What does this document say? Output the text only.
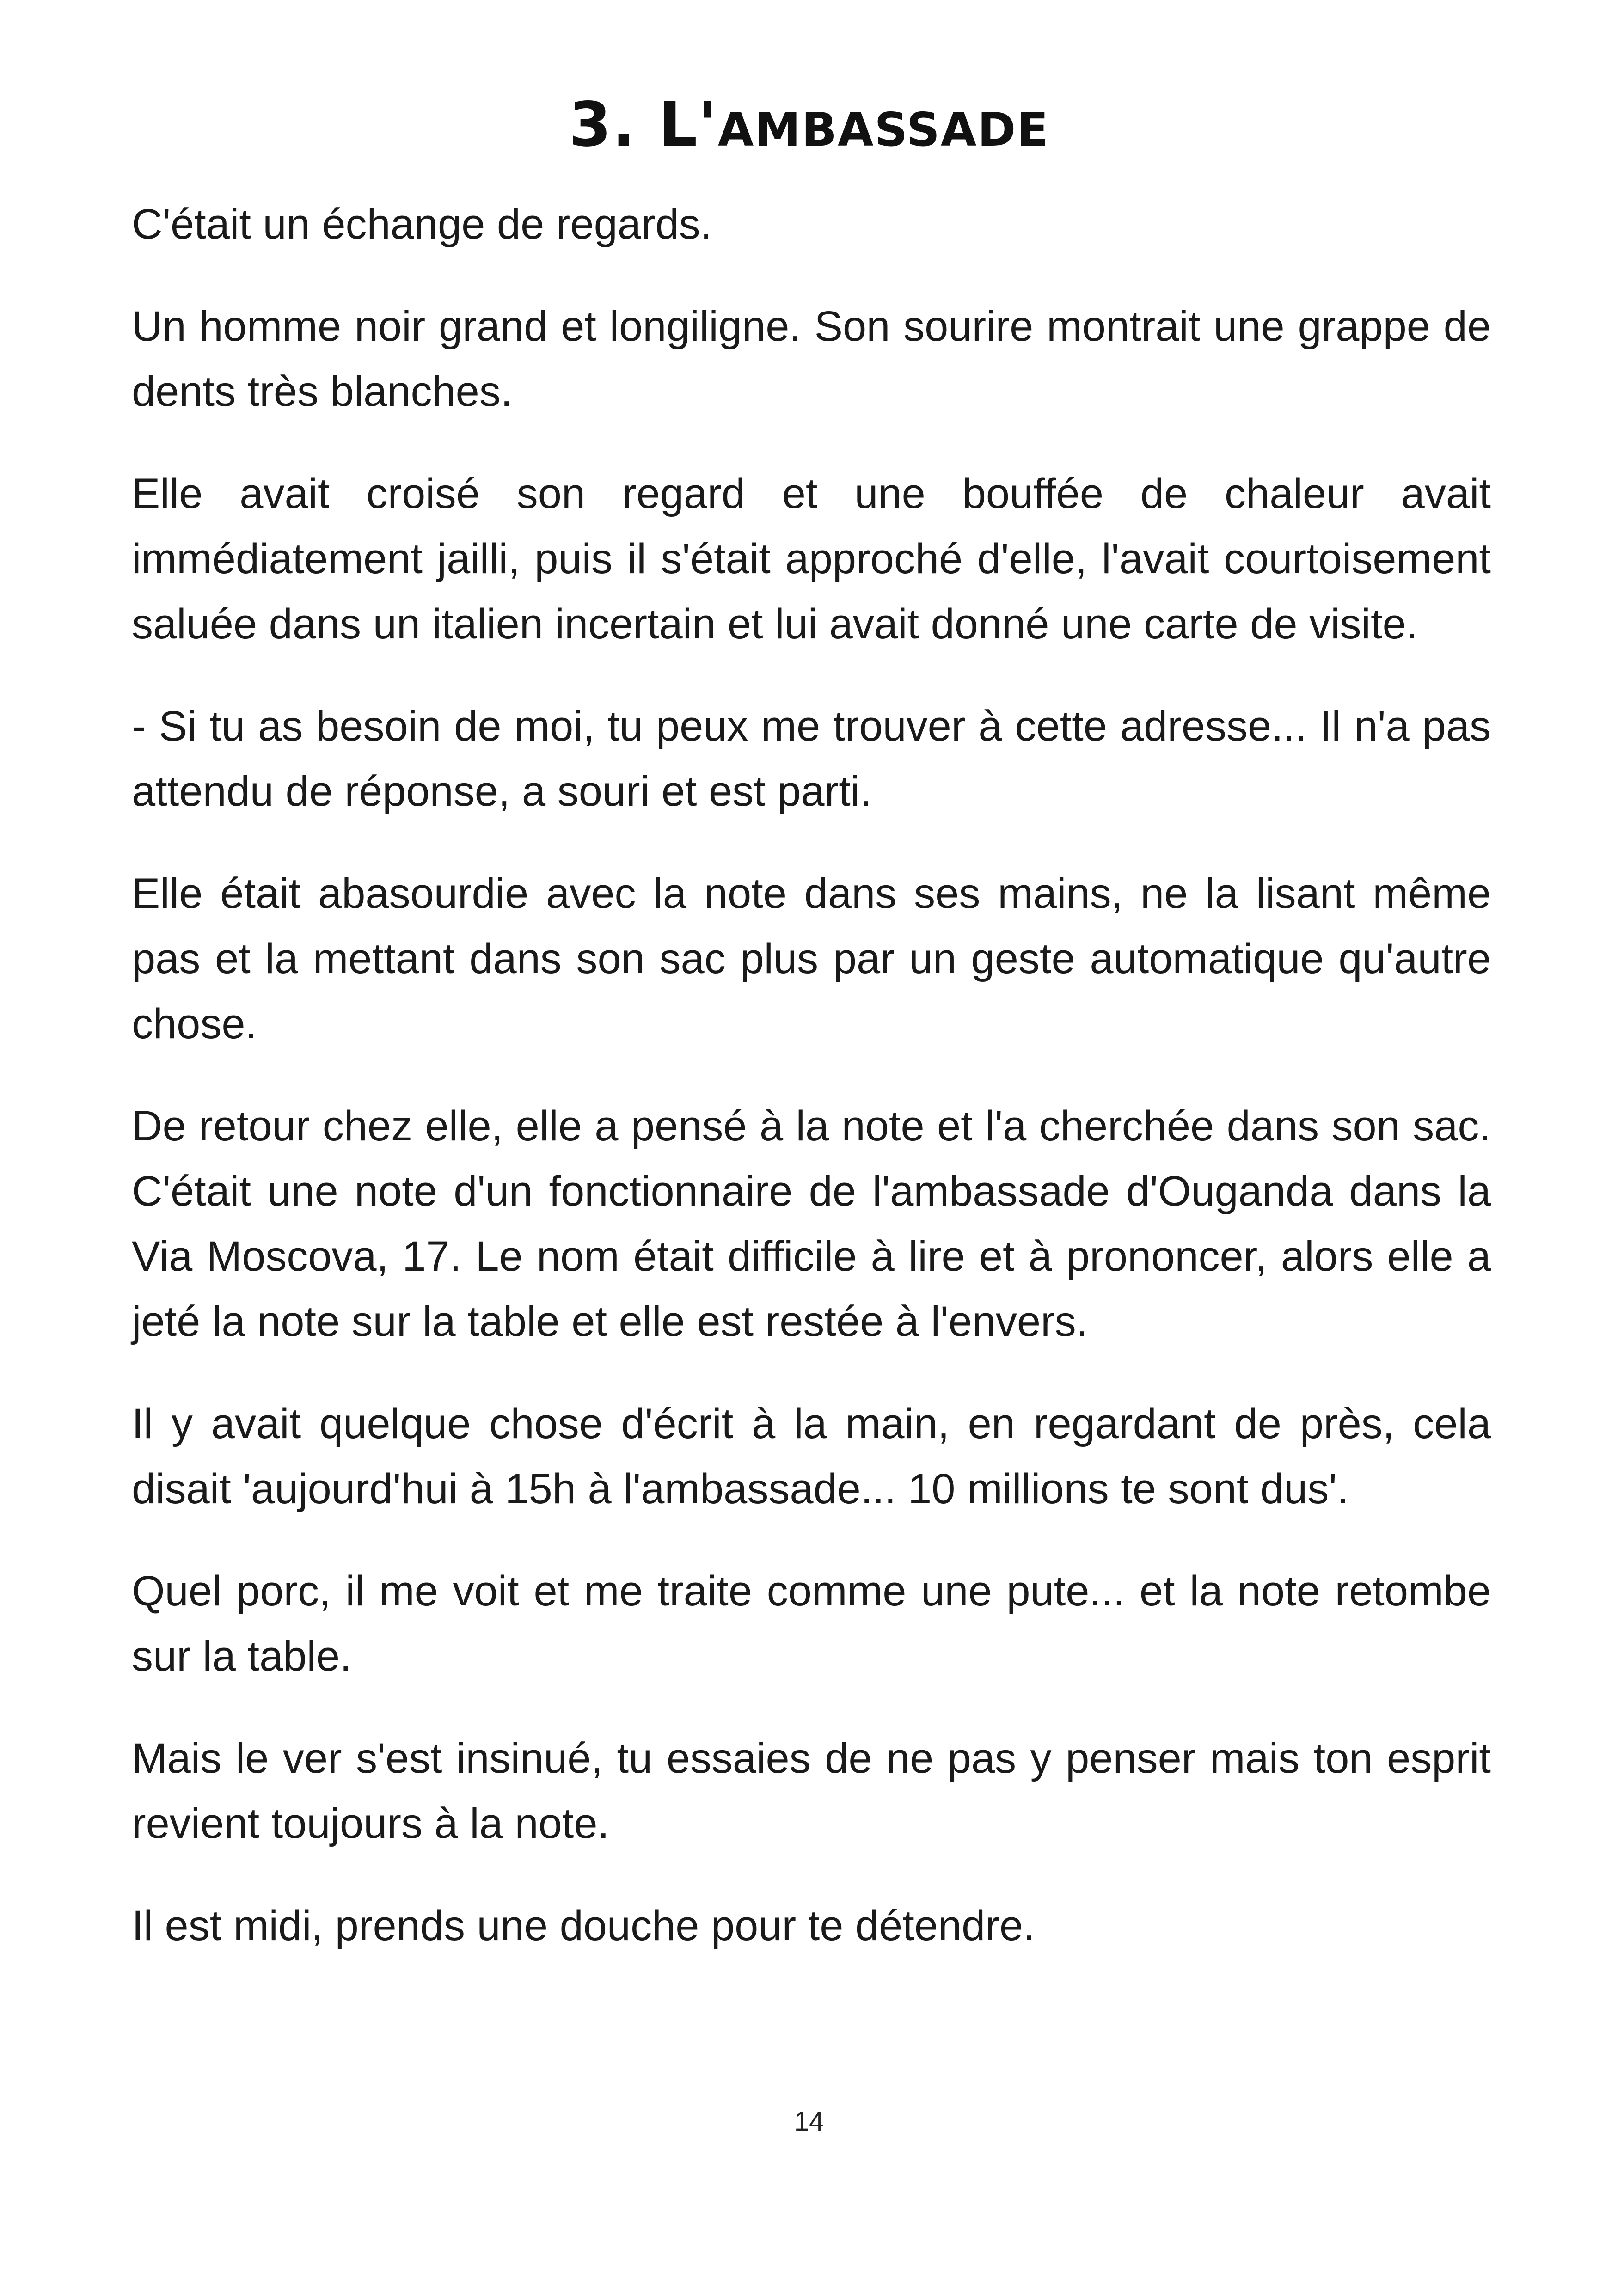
3. L'AMBASSADE

C'était un échange de regards.

Un homme noir grand et longiligne. Son sourire montrait une grappe de dents très blanches.

Elle avait croisé son regard et une bouffée de chaleur avait immédiatement jailli, puis il s'était approché d'elle, l'avait courtoisement saluée dans un italien incertain et lui avait donné une carte de visite.

- Si tu as besoin de moi, tu peux me trouver à cette adresse... Il n'a pas attendu de réponse, a souri et est parti.

Elle était abasourdie avec la note dans ses mains, ne la lisant même pas et la mettant dans son sac plus par un geste automatique qu'autre chose.

De retour chez elle, elle a pensé à la note et l'a cherchée dans son sac. C'était une note d'un fonctionnaire de l'ambassade d'Ouganda dans la Via Moscova, 17. Le nom était difficile à lire et à prononcer, alors elle a jeté la note sur la table et elle est restée à l'envers.

Il y avait quelque chose d'écrit à la main, en regardant de près, cela disait 'aujourd'hui à 15h à l'ambassade... 10 millions te sont dus'.

Quel porc, il me voit et me traite comme une pute... et la note retombe sur la table.

Mais le ver s'est insinué, tu essaies de ne pas y penser mais ton esprit revient toujours à la note.

Il est midi, prends une douche pour te détendre.

14
